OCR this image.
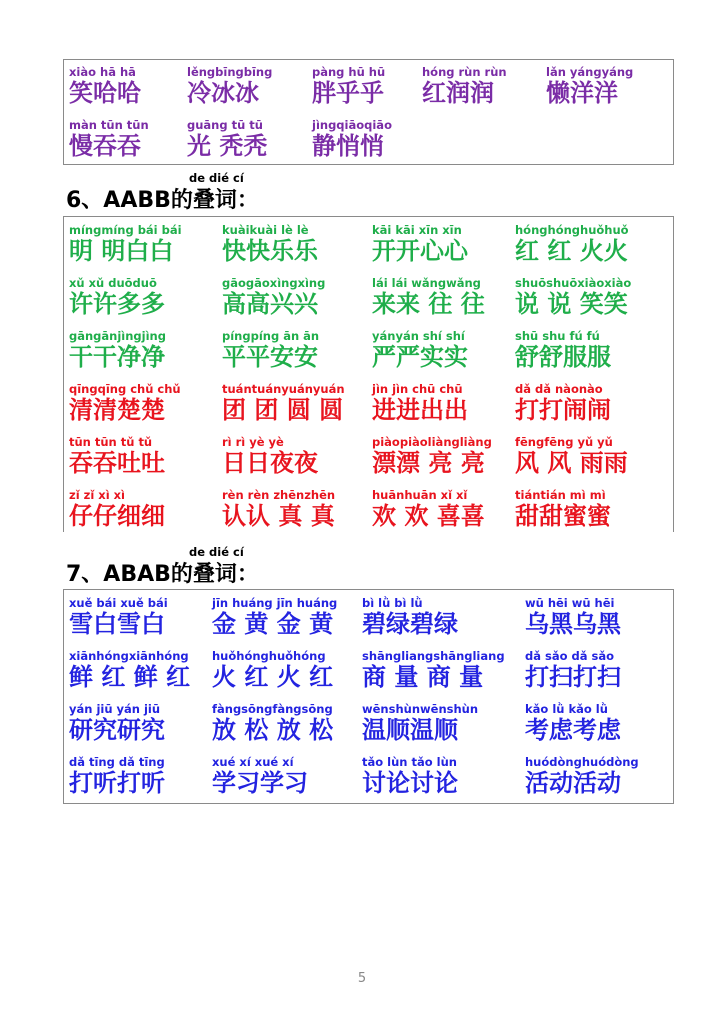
xiào hā hā
笑哈哈
lěngbīngbīng
冷冰冰
pàng hū hū
胖乎乎
hóng rùn rùn
红润润
lǎn yángyáng
懒洋洋
màn tūn tūn
慢吞吞
guāng tū tū
光 秃秃
jìngqiāoqiāo
静悄悄
de dié cí
6、AABB的叠词：
míngmíng bái bái
明 明白白
kuàikuài lè lè
快快乐乐
kāi kāi xīn xīn
开开心心
hónghónghuǒhuǒ
红 红 火火
xǔ xǔ duōduō
许许多多
gāogāoxìngxìng
高高兴兴
lái lái wǎngwǎng
来来 往 往
shuōshuōxiàoxiào
说 说 笑笑
gāngānjìngjìng
干干净净
píngpíng ān ān
平平安安
yányán shí shí
严严实实
shū shu fú fú
舒舒服服
qīngqīng chǔ chǔ
清清楚楚
tuántuányuányuán
团 团 圆 圆
jìn jìn chū chū
进进出出
dǎ dǎ nàonào
打打闹闹
tūn tūn tǔ tǔ
吞吞吐吐
rì rì yè yè
日日夜夜
piàopiàoliàngliàng
漂漂 亮 亮
fēngfēng yǔ yǔ
风 风 雨雨
zǐ zǐ xì xì
仔仔细细
rèn rèn zhēnzhēn
认认 真 真
huānhuān xǐ xǐ
欢 欢 喜喜
tiántián mì mì
甜甜蜜蜜
de dié cí
7、ABAB的叠词：
xuě bái xuě bái
雪白雪白
jīn huáng jīn huáng
金 黄 金 黄
bì lǜ bì lǜ
碧绿碧绿
wū hēi wū hēi
乌黑乌黑
xiānhóngxiānhóng
鲜 红 鲜 红
huǒhónghuǒhóng
火 红 火 红
shāngliangshāngliang
商 量 商 量
dǎ sǎo dǎ sǎo
打扫打扫
yán jiū yán jiū
研究研究
fàngsōngfàngsōng
放 松 放 松
wēnshùnwēnshùn
温顺温顺
kǎo lǜ kǎo lǜ
考虑考虑
dǎ tīng dǎ tīng
打听打听
xué xí xué xí
学习学习
tǎo lùn tǎo lùn
讨论讨论
huódònghuódòng
活动活动
5
